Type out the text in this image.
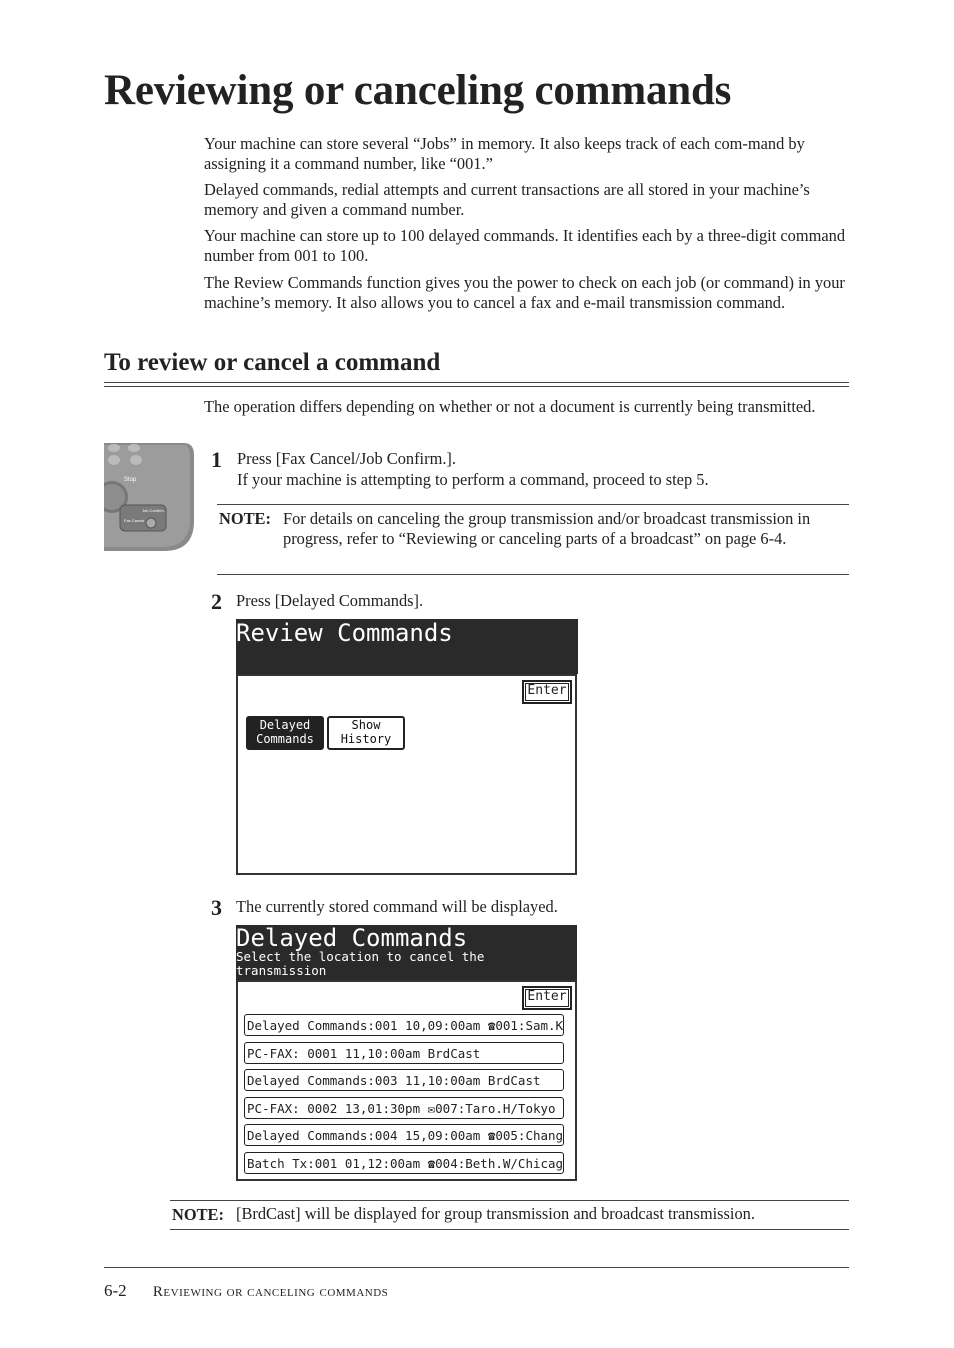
Reviewing or canceling commands

Your machine can store several “Jobs” in memory. It also keeps track of each com-mand by assigning it a command number, like “001.”

Delayed commands, redial attempts and current transactions are all stored in your machine’s memory and given a command number.

Your machine can store up to 100 delayed commands. It identifies each by a three-digit command number from 001 to 100.

The Review Commands function gives you the power to check on each job (or command) in your machine’s memory. It also allows you to cancel a fax and e-mail transmission command.

To review or cancel a command

The operation differs depending on whether or not a document is currently being transmitted.

Stop
Job Confirm.
Fax Cancel
1 Press [Fax Cancel/Job Confirm.].
If your machine is attempting to perform a command, proceed to step 5.
NOTE: For details on canceling the group transmission and/or broadcast transmission in progress, refer to “Reviewing or canceling parts of a broadcast” on page 6-4.
2 Press [Delayed Commands].
Review Commands
Enter
Delayed
Commands
Show
History
3 The currently stored command will be displayed.
Delayed Commands
Select the location to cancel the
transmission
Enter
Delayed Commands:001 10,09:00am ☎001:Sam.K
PC-FAX: 0001 11,10:00am BrdCast
Delayed Commands:003 11,10:00am BrdCast
PC-FAX: 0002 13,01:30pm ✉007:Taro.H/Tokyo
Delayed Commands:004 15,09:00am ☎005:Chang
Batch Tx:001 01,12:00am ☎004:Beth.W/Chicag
NOTE: [BrdCast] will be displayed for group transmission and broadcast transmission.
6-2 Reviewing or canceling commands
